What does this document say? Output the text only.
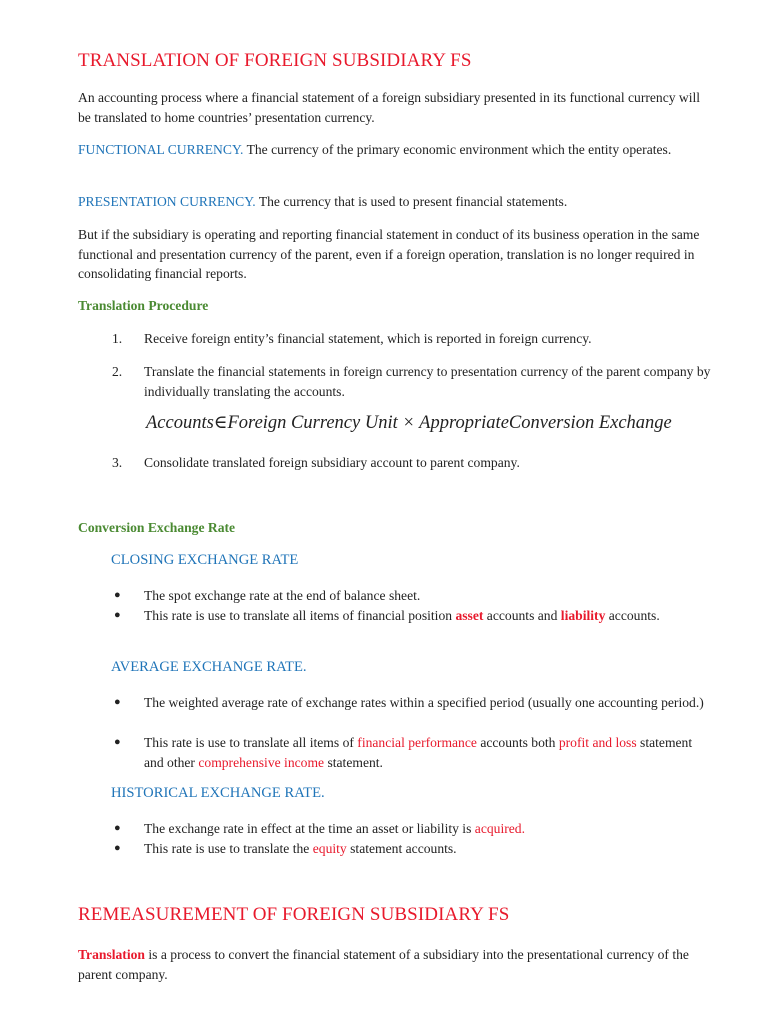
TRANSLATION OF FOREIGN SUBSIDIARY FS
An accounting process where a financial statement of a foreign subsidiary presented in its functional currency will be translated to home countries’ presentation currency.
FUNCTIONAL CURRENCY. The currency of the primary economic environment which the entity operates.
PRESENTATION CURRENCY. The currency that is used to present financial statements.
But if the subsidiary is operating and reporting financial statement in conduct of its business operation in the same functional and presentation currency of the parent, even if a foreign operation, translation is no longer required in consolidating financial reports.
Translation Procedure
1. Receive foreign entity’s financial statement, which is reported in foreign currency.
2. Translate the financial statements in foreign currency to presentation currency of the parent company by individually translating the accounts.
Accounts∈Foreign Currency Unit × AppropriateConversion Exchange
3. Consolidate translated foreign subsidiary account to parent company.
Conversion Exchange Rate
CLOSING EXCHANGE RATE
● The spot exchange rate at the end of balance sheet.
● This rate is use to translate all items of financial position asset accounts and liability accounts.
AVERAGE EXCHANGE RATE.
● The weighted average rate of exchange rates within a specified period (usually one accounting period.)
● This rate is use to translate all items of financial performance accounts both profit and loss statement and other comprehensive income statement.
HISTORICAL EXCHANGE RATE.
● The exchange rate in effect at the time an asset or liability is acquired.
● This rate is use to translate the equity statement accounts.
REMEASUREMENT OF FOREIGN SUBSIDIARY FS
Translation is a process to convert the financial statement of a subsidiary into the presentational currency of the parent company.
